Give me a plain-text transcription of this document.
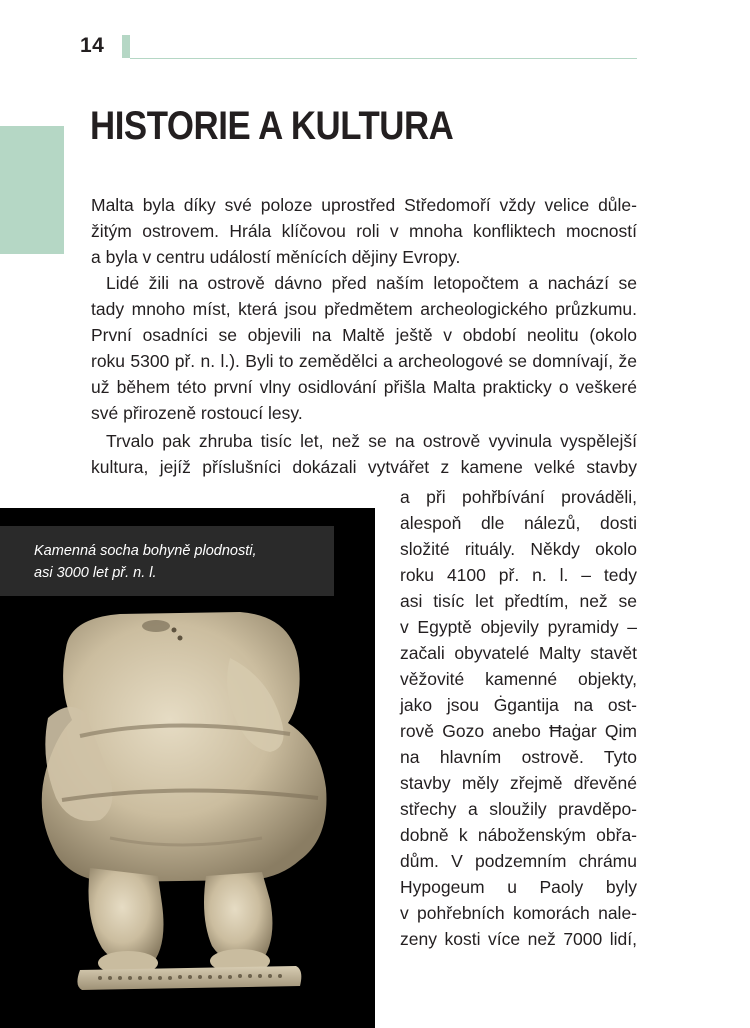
14
HISTORIE A KULTURA
Malta byla díky své poloze uprostřed Středomoří vždy velice důle-
žitým ostrovem. Hrála klíčovou roli v mnoha konfliktech mocností
a byla v centru událostí měnících dějiny Evropy.
Lidé žili na ostrově dávno před naším letopočtem a nachází se
tady mnoho míst, která jsou předmětem archeologického průzkumu.
První osadníci se objevili na Maltě ještě v období neolitu (okolo
roku 5300 př. n. l.). Byli to zemědělci a archeologové se domnívají, že
už během této první vlny osidlování přišla Malta prakticky o veškeré
své přirozeně rostoucí lesy.
Trvalo pak zhruba tisíc let, než se na ostrově vyvinula vyspělejší
kultura, jejíž příslušníci dokázali vytvářet z kamene velké stavby
a při pohřbívání prováděli,
alespoň dle nálezů, dosti
složité rituály. Někdy okolo
roku 4100 př. n. l. – tedy
asi tisíc let předtím, než se
v Egyptě objevily pyramidy –
začali obyvatelé Malty stavět
věžovité kamenné objekty,
jako jsou Ġgantija na ost-
rově Gozo anebo Ħaġar Qim
na hlavním ostrově. Tyto
stavby měly zřejmě dřevěné
střechy a sloužily pravděpo-
dobně k náboženským obřa-
dům. V podzemním chrámu
Hypogeum u Paoly byly
v pohřebních komorách nale-
zeny kosti více než 7000 lidí,
Kamenná socha bohyně plodnosti,
asi 3000 let př. n. l.
